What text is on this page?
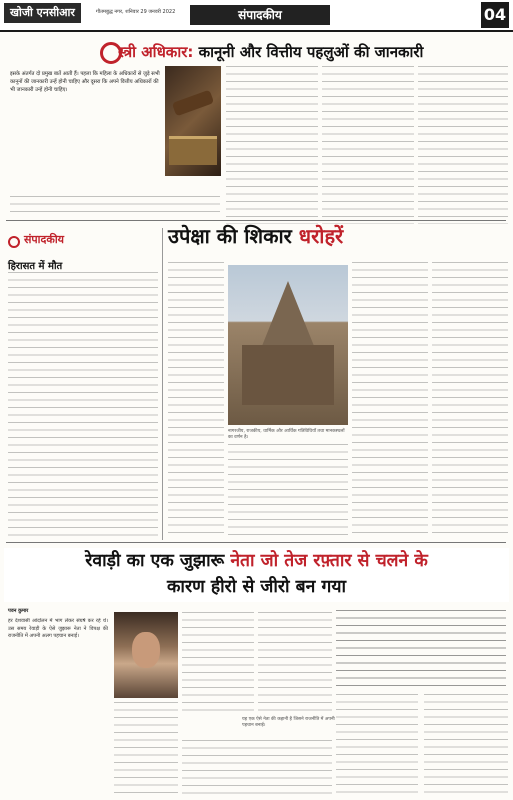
खोजी एनसीआर	गौतमबुद्ध नगर, शनिवार 29 जनवरी 2022	संपादकीय	04
स्त्री अधिकार: कानूनी और वित्तीय पहलुओं की जानकारी
इसके अंतर्गत दो प्रमुख बातें आती हैं। पहला कि महिला के अधिकारों से जुड़े सभी कानूनों की जानकारी उन्हें होनी चाहिए और दूसरा कि अपने वित्तीय अधिकारों की भी जानकारी उन्हें होनी चाहिए।
संपादकीय
हिरासत में मौत
उपेक्षा की शिकार धरोहरें
नागरजीय, राजकीय, धार्मिक और आर्थिक गतिविधियाँ तथा मानकस्थलों का वर्णन है।
रेवाड़ी का एक जुझारू नेता जो तेज रफ़्तार से चलने के
कारण हीरो से जीरो बन गया
पवन कुमार
हर देशवासी आंदोलन में भाग लेकर संघर्ष कर रहे थे। उस समय रेवाड़ी के ऐसे जुझारू नेता ने विपक्ष की राजनीति में अपनी अलग पहचान बनाई।
यह एक ऐसे नेता की कहानी है जिसने राजनीति में अपनी पहचान बनाई।
